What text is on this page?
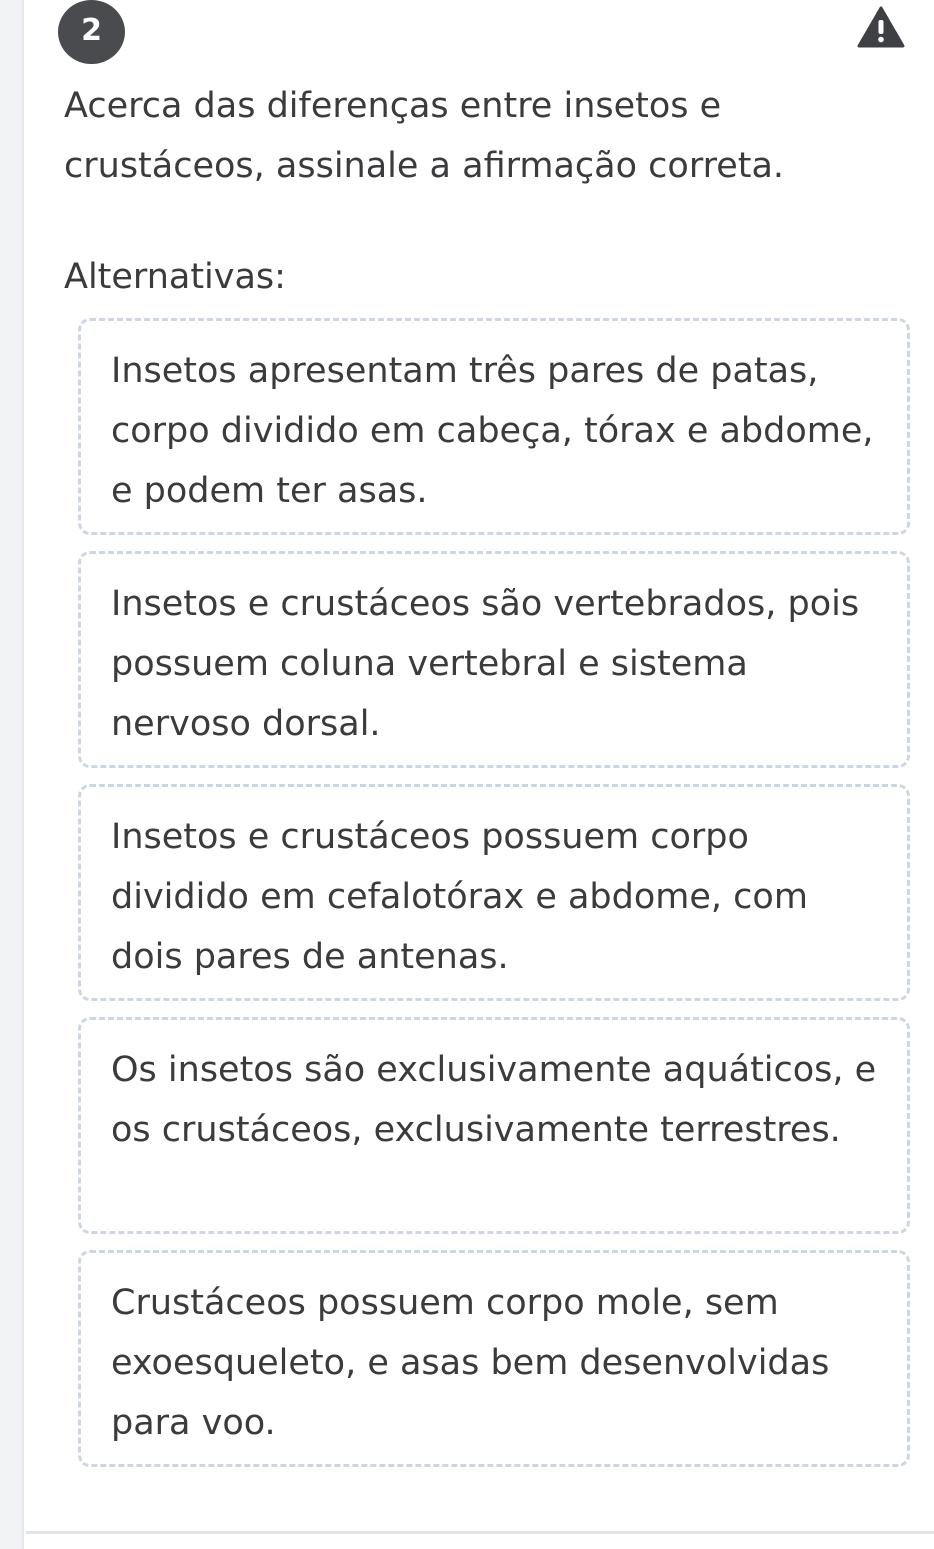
2

Acerca das diferenças entre insetos e crustáceos, assinale a afirmação correta.

Alternativas:

Insetos apresentam três pares de patas, corpo dividido em cabeça, tórax e abdome, e podem ter asas.
Insetos e crustáceos são vertebrados, pois possuem coluna vertebral e sistema nervoso dorsal.
Insetos e crustáceos possuem corpo dividido em cefalotórax e abdome, com dois pares de antenas.
Os insetos são exclusivamente aquáticos, e os crustáceos, exclusivamente terrestres.
Crustáceos possuem corpo mole, sem exoesqueleto, e asas bem desenvolvidas para voo.
